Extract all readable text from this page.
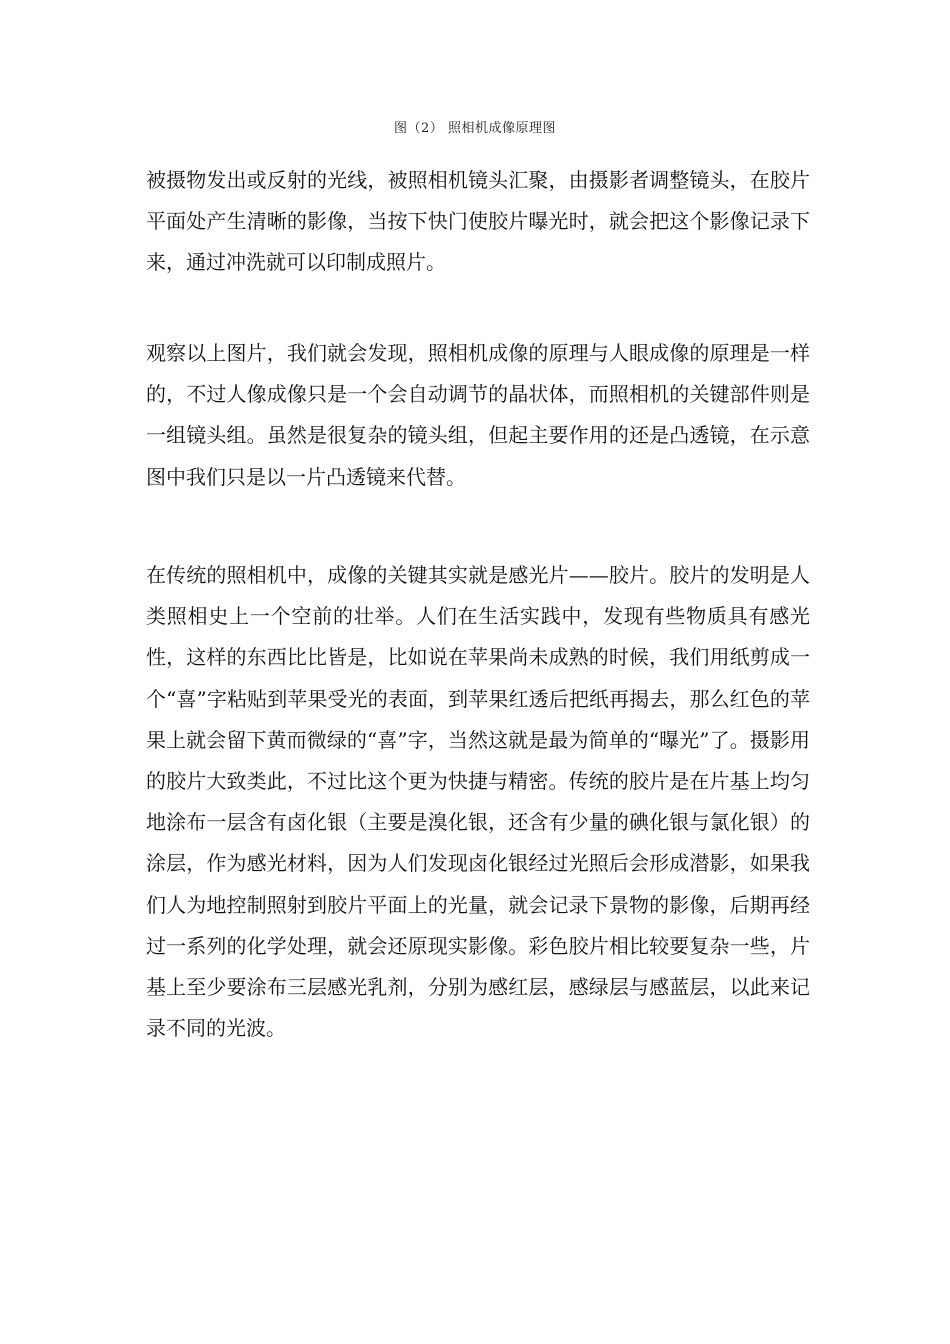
图（2） 照相机成像原理图

被摄物发出或反射的光线，被照相机镜头汇聚，由摄影者调整镜头，在胶片平面处产生清晰的影像，当按下快门使胶片曝光时，就会把这个影像记录下来，通过冲洗就可以印制成照片。

观察以上图片，我们就会发现，照相机成像的原理与人眼成像的原理是一样的，不过人像成像只是一个会自动调节的晶状体，而照相机的关键部件则是一组镜头组。虽然是很复杂的镜头组，但起主要作用的还是凸透镜，在示意图中我们只是以一片凸透镜来代替。

在传统的照相机中，成像的关键其实就是感光片——胶片。胶片的发明是人类照相史上一个空前的壮举。人们在生活实践中，发现有些物质具有感光性，这样的东西比比皆是，比如说在苹果尚未成熟的时候，我们用纸剪成一个“喜”字粘贴到苹果受光的表面，到苹果红透后把纸再揭去，那么红色的苹果上就会留下黄而微绿的“喜”字，当然这就是最为简单的“曝光”了。摄影用的胶片大致类此，不过比这个更为快捷与精密。传统的胶片是在片基上均匀地涂布一层含有卤化银（主要是溴化银，还含有少量的碘化银与氯化银）的涂层，作为感光材料，因为人们发现卤化银经过光照后会形成潜影，如果我们人为地控制照射到胶片平面上的光量，就会记录下景物的影像，后期再经过一系列的化学处理，就会还原现实影像。彩色胶片相比较要复杂一些，片基上至少要涂布三层感光乳剂，分别为感红层，感绿层与感蓝层，以此来记录不同的光波。
